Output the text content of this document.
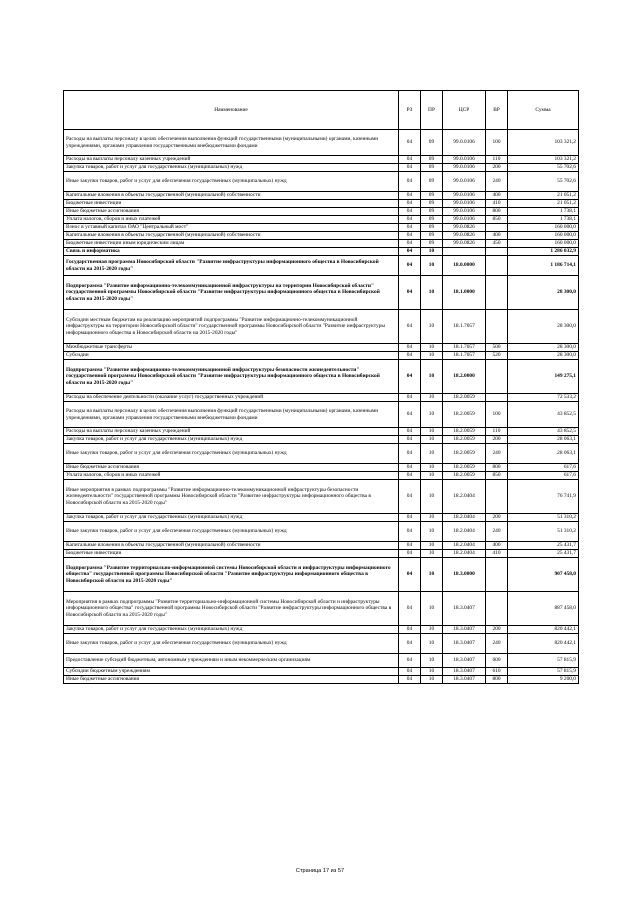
Наименование	РЗ	ПР	ЦСР	ВР	Сумма
Расходы на выплаты персоналу в целях обеспечения выполнения функций государственными (муниципальными) органами, казенными учреждениями, органами управления государственными внебюджетными фондами	04	09	99.0.0106	100	103 321,2
Расходы на выплаты персоналу казенных учреждений	04	09	99.0.0106	110	103 321,2
Закупка товаров, работ и услуг для государственных (муниципальных) нужд	04	09	99.0.0106	200	55 702,6
Иные закупки товаров, работ и услуг для обеспечения государственных (муниципальных) нужд	04	09	99.0.0106	240	55 702,6
Капитальные вложения в объекты государственной (муниципальной) собственности	04	09	99.0.0106	400	21 051,2
Бюджетные инвестиции	04	09	99.0.0106	410	21 051,2
Иные бюджетные ассигнования	04	09	99.0.0106	800	1 738,1
Уплата налогов, сборов и иных платежей	04	09	99.0.0106	850	1 738,1
Взнос в уставный капитал ОАО "Центральный мост"	04	09	99.0.0826		160 000,0
Капитальные вложения в объекты государственной (муниципальной) собственности	04	09	99.0.0826	400	160 000,0
Бюджетные инвестиции иным юридическим лицам	04	09	99.0.0826	450	160 000,0
Связь и информатика	04	10			1 286 032,9
Государственная программа Новосибирской области "Развитие инфраструктуры информационного общества в Новосибирской области на 2015-2020 годы"	04	10	18.0.0000		1 186 714,1
Подпрограмма "Развитие информационно-телекоммуникационной инфраструктуры на территории Новосибирской области" государственной программы Новосибирской области "Развитие инфраструктуры информационного общества в Новосибирской области на 2015-2020 годы"	04	10	18.1.0000		28 300,0
Субсидии местным бюджетам на реализацию мероприятий подпрограммы "Развитие информационно-телекоммуникационной инфраструктуры на территории Новосибирской области" государственной программы Новосибирской области "Развитие инфраструктуры информационного общества в Новосибирской области на 2015-2020 годы"	04	10	18.1.7057		28 300,0
Межбюджетные трансферты	04	10	18.1.7057	500	28 300,0
Субсидии	04	10	18.1.7057	520	28 300,0
Подпрограмма "Развитие информационно-телекоммуникационной инфраструктуры безопасности жизнедеятельности" государственной программы Новосибирской области "Развитие инфраструктуры информационного общества в Новосибирской области на 2015-2020 годы"	04	10	18.2.0000		149 275,1
Расходы на обеспечение деятельности (оказание услуг) государственных учреждений	04	10	18.2.0059		72 533,2
Расходы на выплаты персоналу в целях обеспечения выполнения функций государственными (муниципальными) органами, казенными учреждениями, органами управления государственными внебюджетными фондами	04	10	18.2.0059	100	43 852,5
Расходы на выплаты персоналу казенных учреждений	04	10	18.2.0059	110	43 852,5
Закупка товаров, работ и услуг для государственных (муниципальных) нужд	04	10	18.2.0059	200	28 063,1
Иные закупки товаров, работ и услуг для обеспечения государственных (муниципальных) нужд	04	10	18.2.0059	240	28 063,1
Иные бюджетные ассигнования	04	10	18.2.0059	800	617,6
Уплата налогов, сборов и иных платежей	04	10	18.2.0059	850	617,6
Иные мероприятия в рамках подпрограммы "Развитие информационно-телекоммуникационной инфраструктуры безопасности жизнедеятельности" государственной программы Новосибирской области "Развитие инфраструктуры информационного общества в Новосибирской области на 2015-2020 годы"	04	10	18.2.0404		76 741,9
Закупка товаров, работ и услуг для государственных (муниципальных) нужд	04	10	18.2.0404	200	51 310,2
Иные закупки товаров, работ и услуг для обеспечения государственных (муниципальных) нужд	04	10	18.2.0404	240	51 310,2
Капитальные вложения в объекты государственной (муниципальной) собственности	04	10	18.2.0404	400	25 431,7
Бюджетные инвестиции	04	10	18.2.0404	410	25 431,7
Подпрограмма "Развитие территориально-информационной системы Новосибирской области и инфраструктуры информационного общества" государственной программы Новосибирской области "Развитие инфраструктуры информационного общества в Новосибирской области на 2015-2020 годы"	04	10	18.3.0000		907 458,0
Мероприятия в рамках подпрограммы "Развитие территориально-информационной системы Новосибирской области и инфраструктуры информационного общества" государственной программы Новосибирской области "Развитие инфраструктуры информационного общества в Новосибирской области на 2015-2020 годы"	04	10	18.3.0407		887 458,0
Закупка товаров, работ и услуг для государственных (муниципальных) нужд	04	10	18.3.0407	200	820 442,1
Иные закупки товаров, работ и услуг для обеспечения государственных (муниципальных) нужд	04	10	18.3.0407	240	820 442,1
Предоставление субсидий бюджетным, автономным учреждениям и иным некоммерческим организациям	04	10	18.3.0407	600	57 815,9
Субсидии бюджетным учреждениям	04	10	18.3.0407	610	57 815,9
Иные бюджетные ассигнования	04	10	18.3.0407	800	9 200,0
Страница 17 из 57
